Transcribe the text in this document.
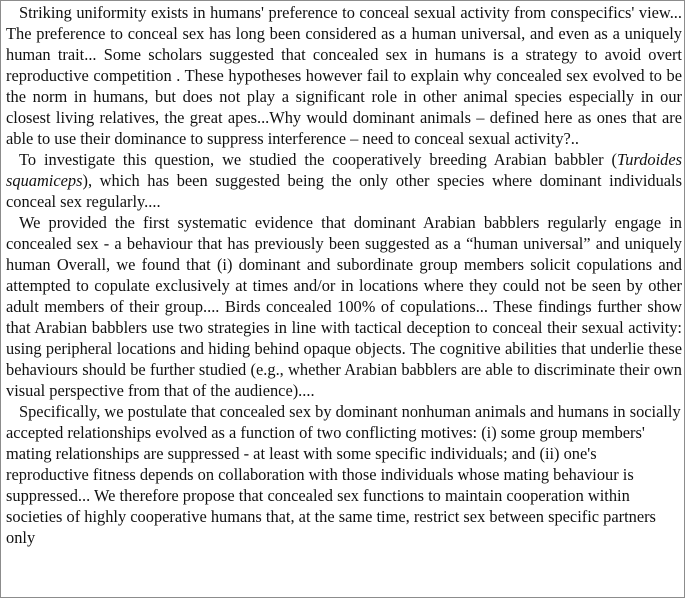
Striking uniformity exists in humans' preference to conceal sexual activity from conspecifics' view... The preference to conceal sex has long been considered as a human universal, and even as a uniquely human trait... Some scholars suggested that concealed sex in humans is a strategy to avoid overt reproductive competition . These hypotheses however fail to explain why concealed sex evolved to be the norm in humans, but does not play a significant role in other animal species especially in our closest living relatives, the great apes...Why would dominant animals – defined here as ones that are able to use their dominance to suppress interference – need to conceal sexual activity?..

To investigate this question, we studied the cooperatively breeding Arabian babbler (Turdoides squamiceps), which has been suggested being the only other species where dominant individuals conceal sex regularly....

We provided the first systematic evidence that dominant Arabian babblers regularly engage in concealed sex - a behaviour that has previously been suggested as a “human universal” and uniquely human Overall, we found that (i) dominant and subordinate group members solicit copulations and attempted to copulate exclusively at times and/or in locations where they could not be seen by other adult members of their group.... Birds concealed 100% of copulations... These findings further show that Arabian babblers use two strategies in line with tactical deception to conceal their sexual activity: using peripheral locations and hiding behind opaque objects. The cognitive abilities that underlie these behaviours should be further studied (e.g., whether Arabian babblers are able to discriminate their own visual perspective from that of the audience)....

Specifically, we postulate that concealed sex by dominant nonhuman animals and humans in socially accepted relationships evolved as a function of two conflicting motives: (i) some group members' mating relationships are suppressed - at least with some specific individuals; and (ii) one's reproductive fitness depends on collaboration with those individuals whose mating behaviour is suppressed... We therefore propose that concealed sex functions to maintain cooperation within societies of highly cooperative humans that, at the same time, restrict sex between specific partners only
